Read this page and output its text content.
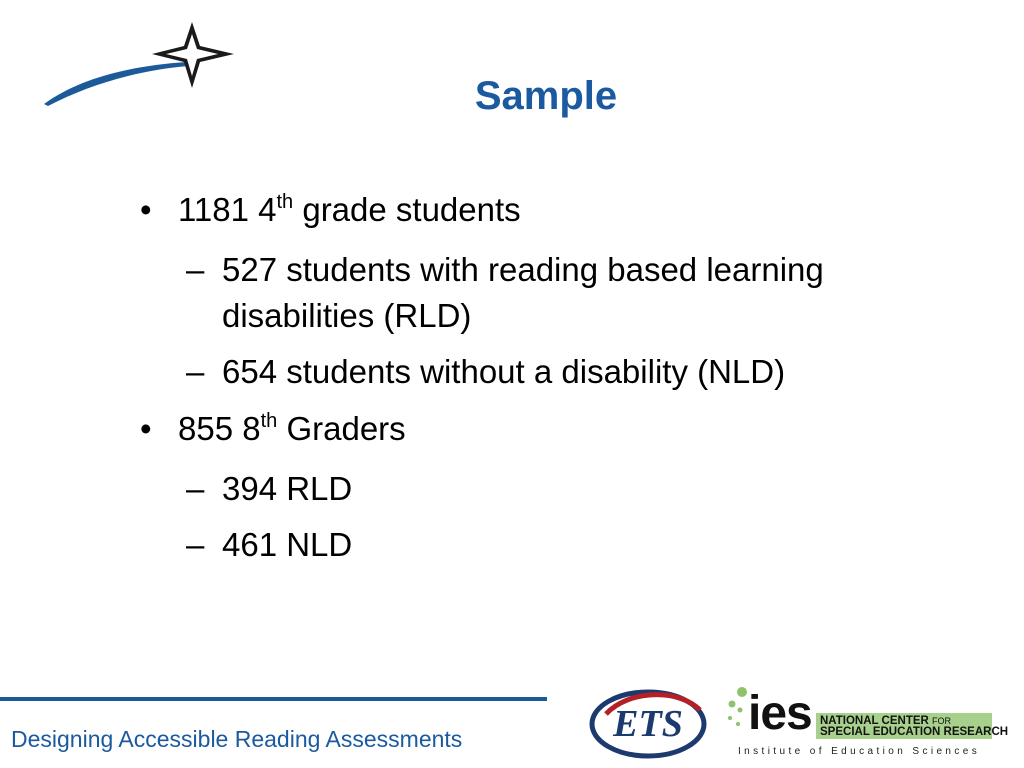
Sample
• 1181 4th grade students
– 527 students with reading based learning disabilities (RLD)
– 654 students without a disability (NLD)
• 855 8th Graders
– 394 RLD
– 461 NLD
Designing Accessible Reading Assessments	ETS ies NATIONAL CENTER FOR
SPECIAL EDUCATION RESEARCH
Institute of Education Sciences
